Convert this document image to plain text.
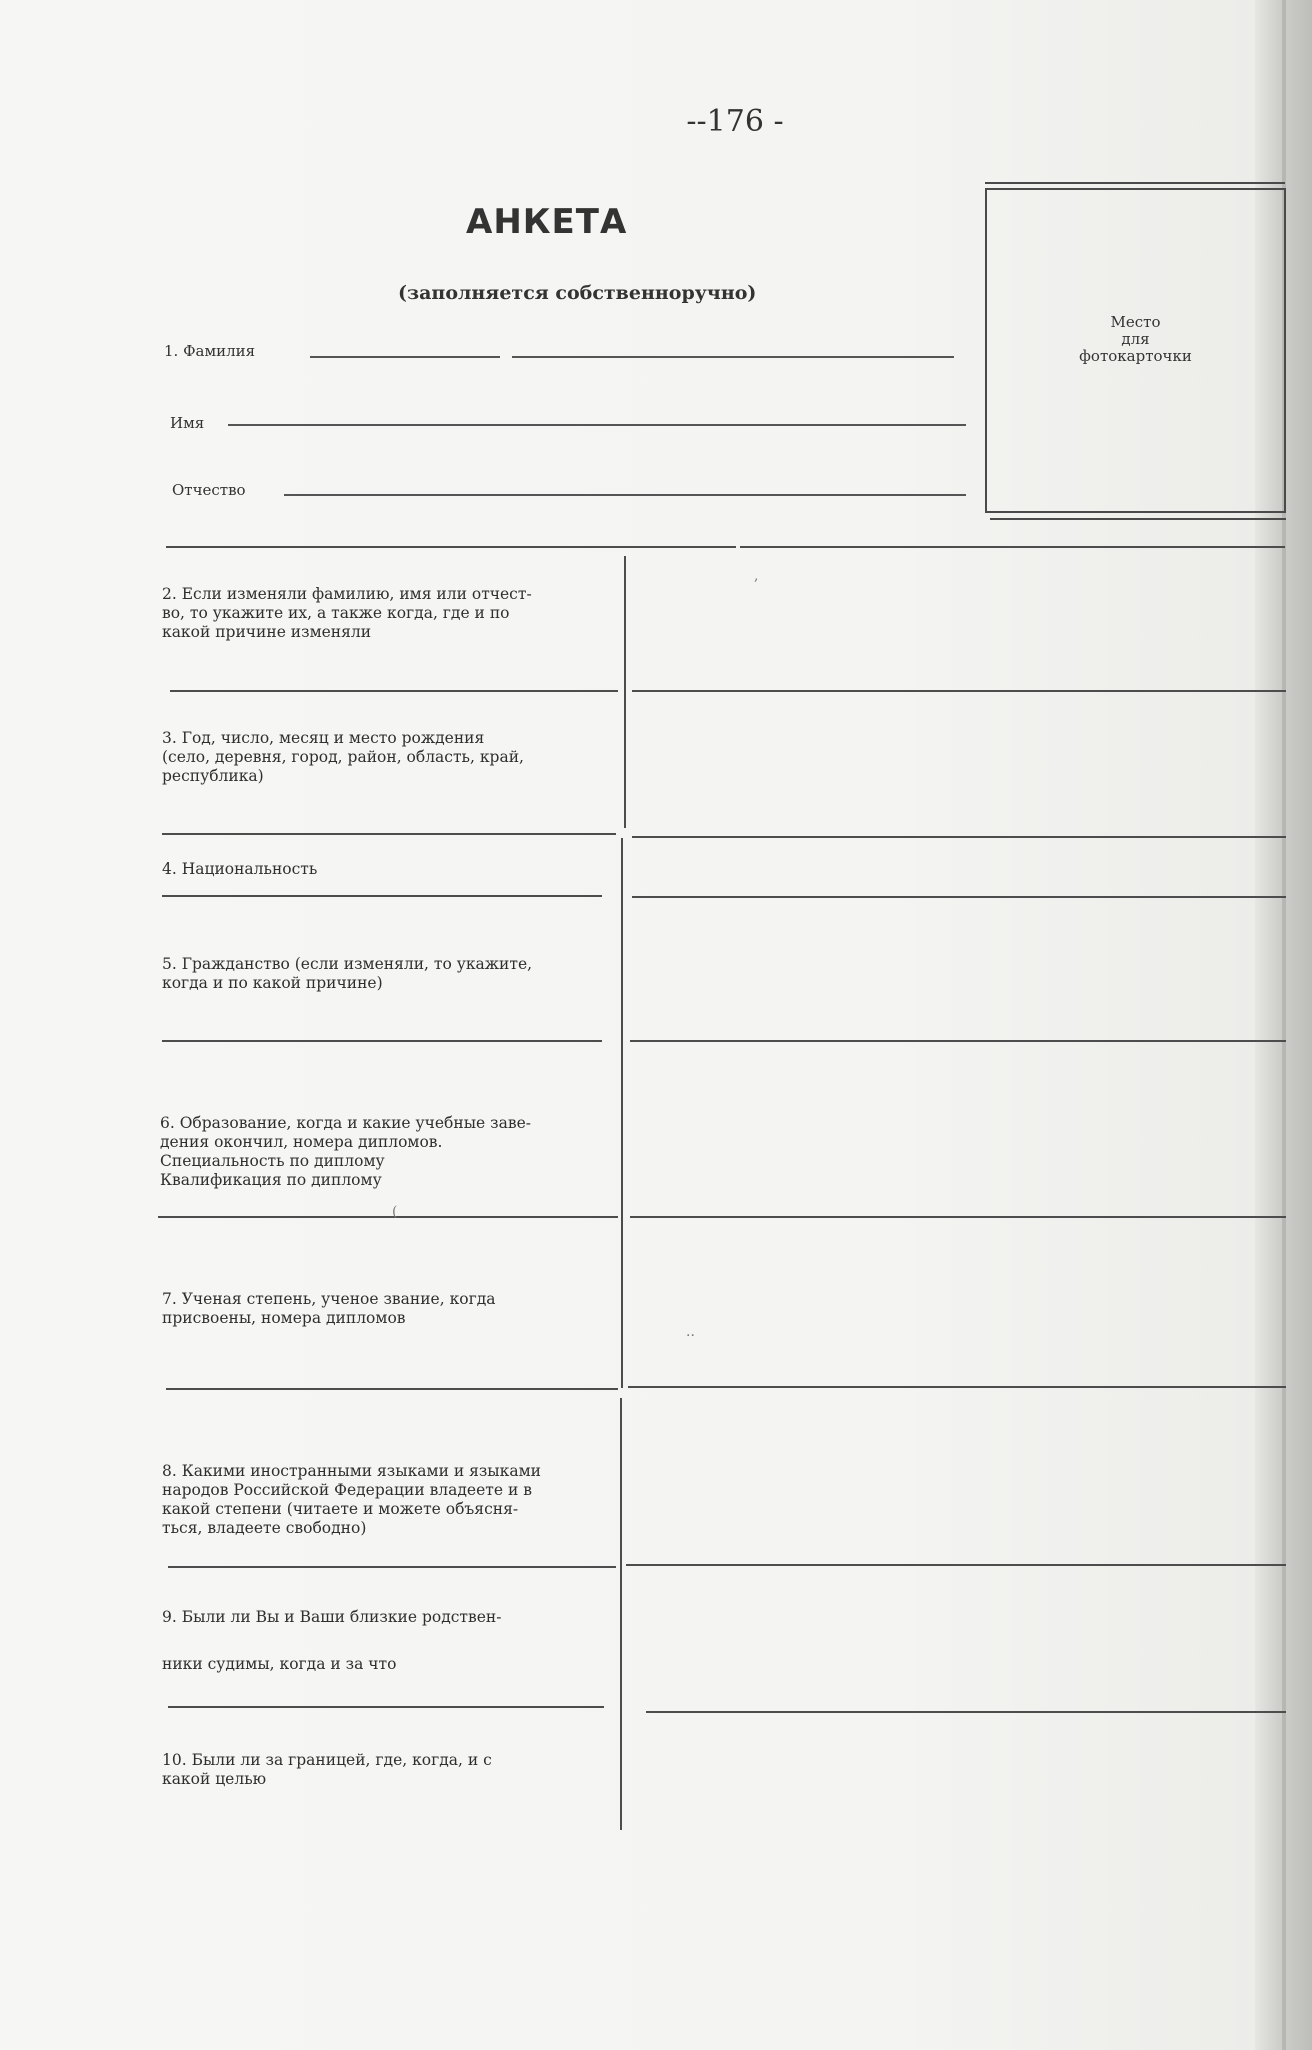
--176 -
АНКЕТА
(заполняется собственноручно)
Место
для
фотокарточки
1. Фамилия
Имя
Отчество
2. Если изменяли фамилию, имя или отчест-
во, то укажите их, а также когда, где и по
какой причине изменяли
3. Год, число, месяц и место рождения
(село, деревня, город, район, область, край,
республика)
4. Национальность
5. Гражданство (если изменяли, то укажите,
когда и по какой причине)
6. Образование, когда и какие учебные заве-
дения окончил, номера дипломов.
Специальность по диплому
Квалификация по диплому
7. Ученая степень, ученое звание, когда
присвоены, номера дипломов
8. Какими иностранными языками и языками
народов Российской Федерации владеете и в
какой степени (читаете и можете объясня-
ться, владеете свободно)
9. Были ли Вы и Ваши близкие родствен-
ники судимы, когда и за что
10. Были ли за границей, где, когда, и с
какой целью
,
(
··
